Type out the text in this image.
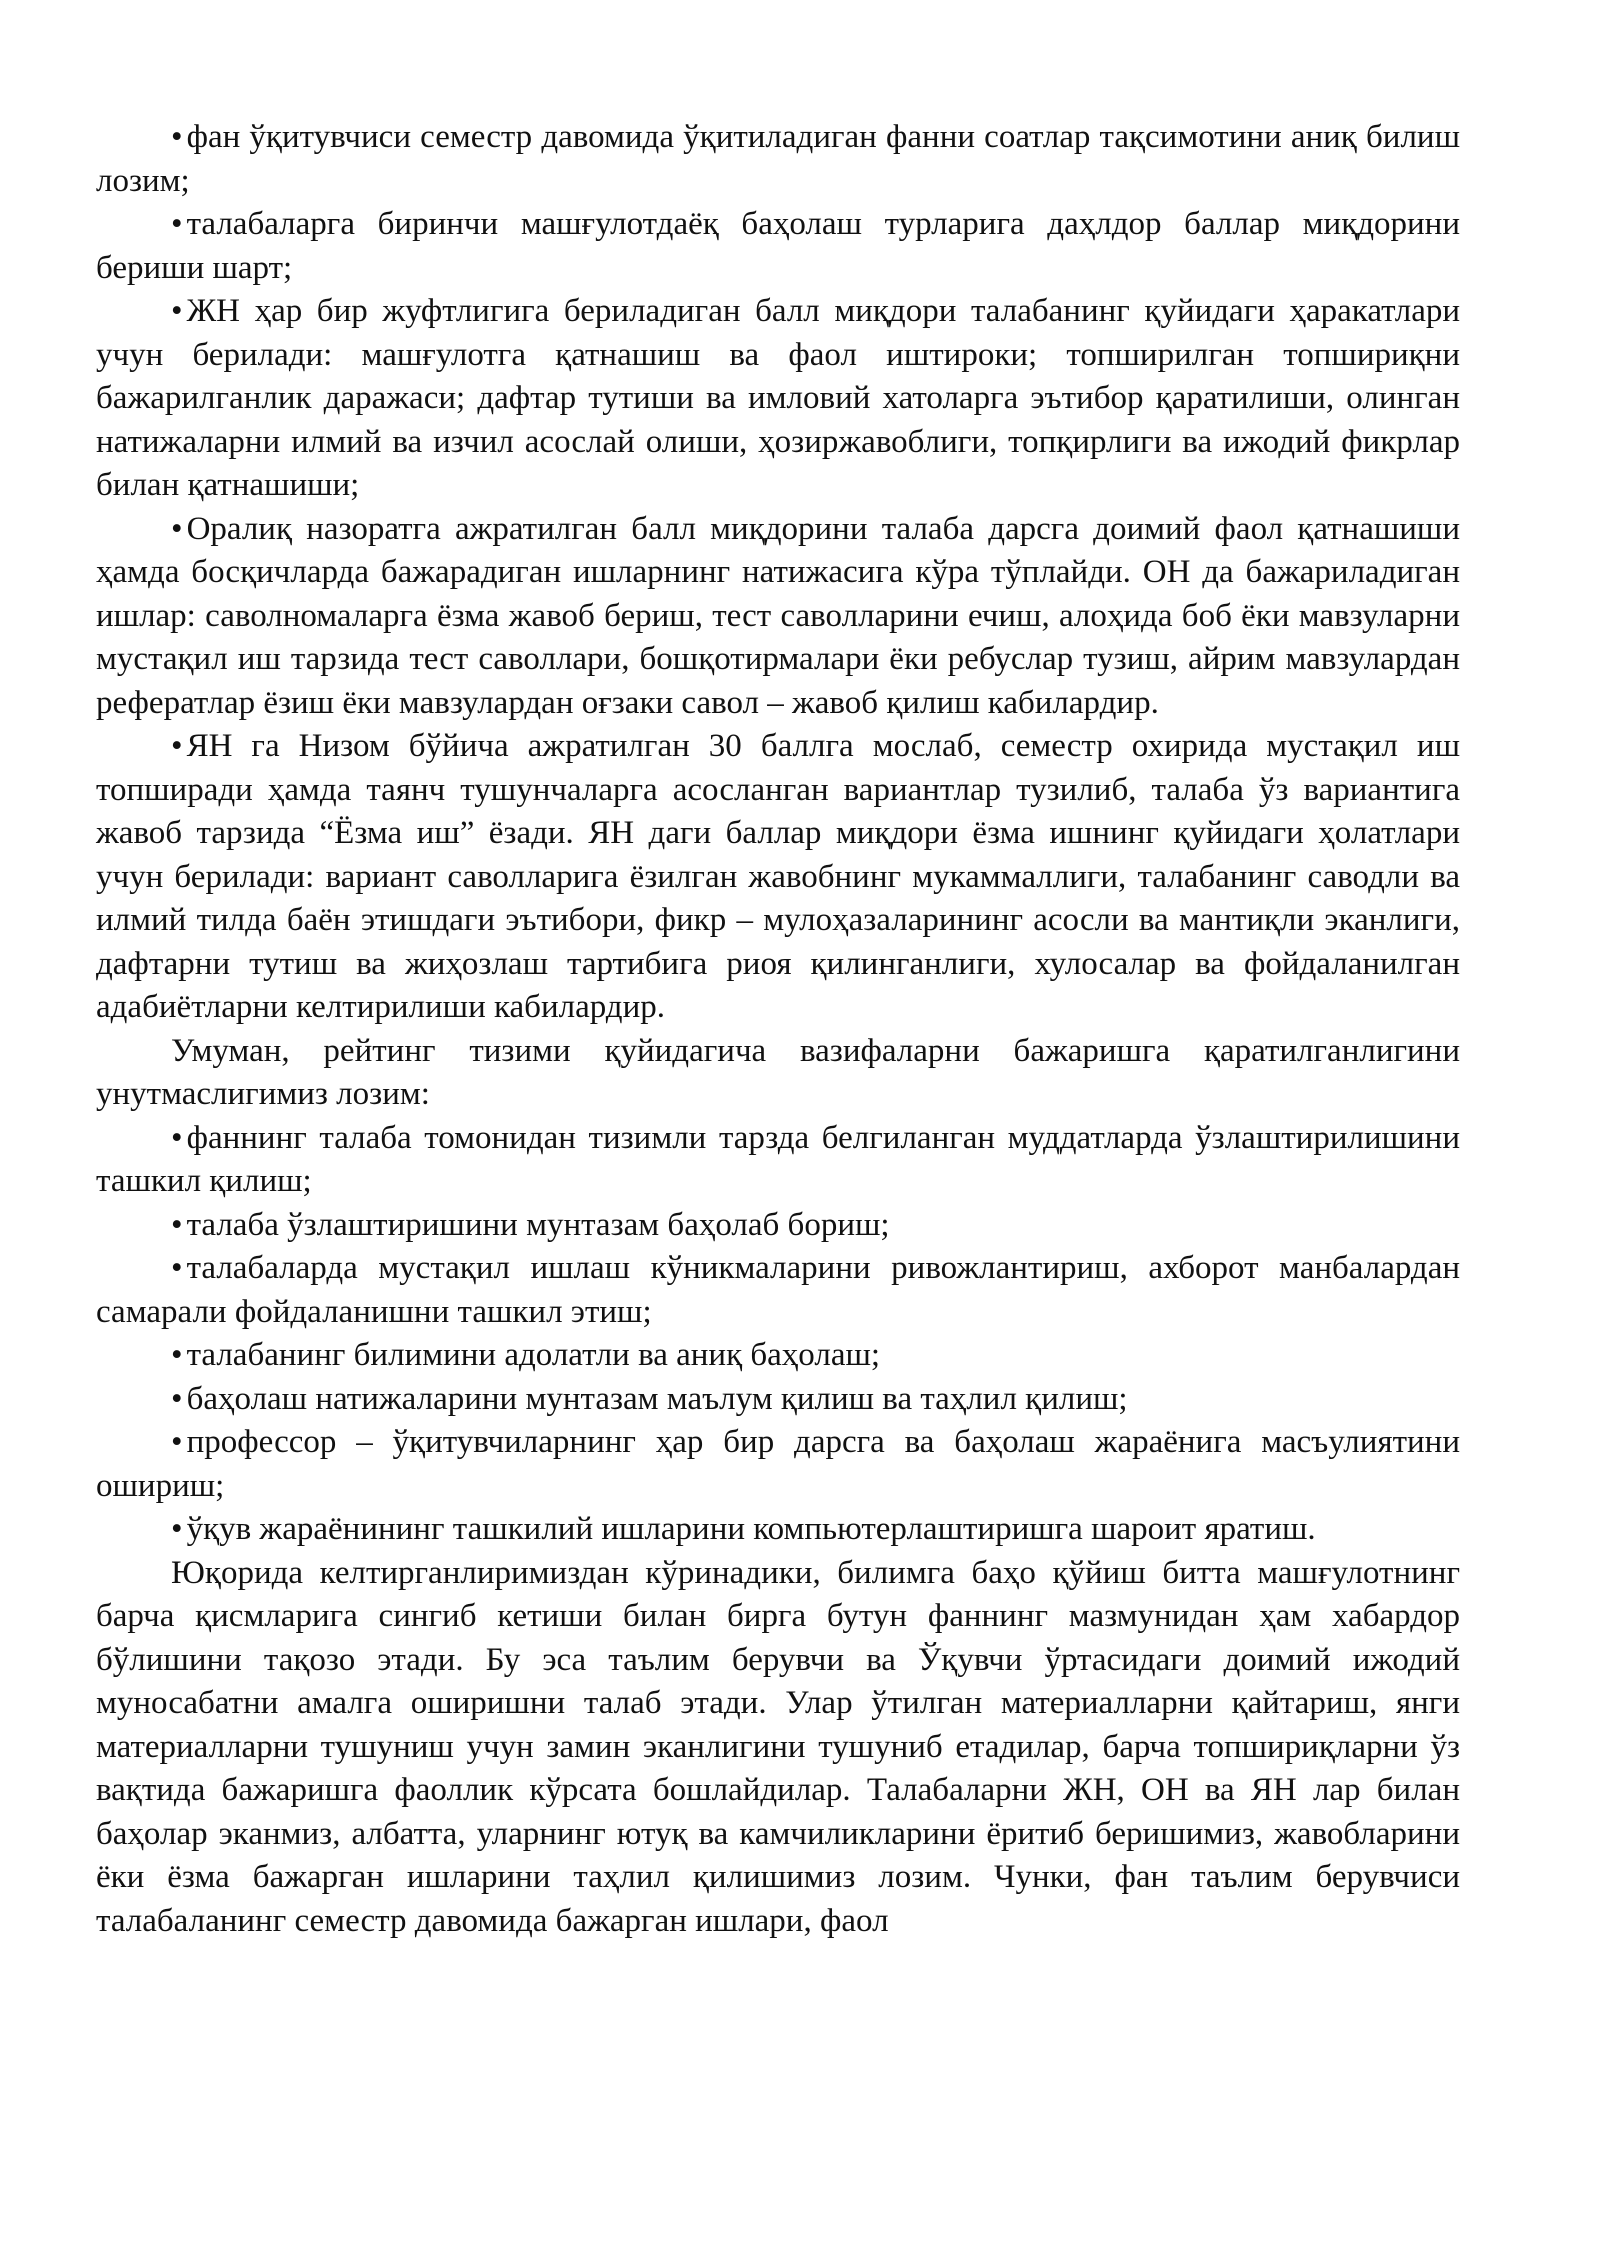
• фан ўқитувчиси семестр давомида ўқитиладиган фанни соатлар тақсимотини аниқ билиш лозим;

• талабаларга биринчи машғулотдаёқ баҳолаш турларига даҳлдор баллар миқдорини бериши шарт;

• ЖН ҳар бир жуфтлигига бериладиган балл миқдори талабанинг қуйидаги ҳаракатлари учун берилади: машғулотга қатнашиш ва фаол иштироки; топширилган топшириқни бажарилганлик даражаси; дафтар тутиши ва имловий хатоларга эътибор қаратилиши, олинган натижаларни илмий ва изчил асослай олиши, ҳозиржавоблиги, топқирлиги ва ижодий фикрлар билан қатнашиши;

• Оралиқ назоратга ажратилган балл миқдорини талаба дарсга доимий фаол қатнашиши ҳамда босқичларда бажарадиган ишларнинг натижасига кўра тўплайди. ОН да бажариладиган ишлар: саволномаларга ёзма жавоб бериш, тест саволларини ечиш, алоҳида боб ёки мавзуларни мустақил иш тарзида тест саволлари, бошқотирмалари ёки ребуслар тузиш, айрим мавзулардан рефератлар ёзиш ёки мавзулардан оғзаки савол – жавоб қилиш кабилардир.

• ЯН га Низом бўйича ажратилган 30 баллга мослаб, семестр охирида мустақил иш топширади ҳамда таянч тушунчаларга асосланган вариантлар тузилиб, талаба ўз вариантига жавоб тарзида “Ёзма иш” ёзади. ЯН даги баллар миқдори ёзма ишнинг қуйидаги ҳолатлари учун берилади: вариант саволларига ёзилган жавобнинг мукаммаллиги, талабанинг саводли ва илмий тилда баён этишдаги эътибори, фикр – мулоҳазаларининг асосли ва мантиқли эканлиги, дафтарни тутиш ва жиҳозлаш тартибига риоя қилинганлиги, хулосалар ва фойдаланилган адабиётларни келтирилиши кабилардир.

Умуман, рейтинг тизими қуйидагича вазифаларни бажаришга қаратилганлигини унутмаслигимиз лозим:

• фаннинг талаба томонидан тизимли тарзда белгиланган муддатларда ўзлаштирилишини ташкил қилиш;

• талаба ўзлаштиришини мунтазам баҳолаб бориш;

• талабаларда мустақил ишлаш кўникмаларини ривожлантириш, ахборот манбалардан самарали фойдаланишни ташкил этиш;

• талабанинг билимини адолатли ва аниқ баҳолаш;

• баҳолаш натижаларини мунтазам маълум қилиш ва таҳлил қилиш;

• профессор – ўқитувчиларнинг ҳар бир дарсга ва баҳолаш жараёнига масъулиятини ошириш;

• ўқув жараёнининг ташкилий ишларини компьютерлаштиришга шароит яратиш.

Юқорида келтирганлиримиздан кўринадики, билимга баҳо қўйиш битта машғулотнинг барча қисмларига сингиб кетиши билан бирга бутун фаннинг мазмунидан ҳам хабардор бўлишини тақозо этади. Бу эса таълим берувчи ва Ўқувчи ўртасидаги доимий ижодий муносабатни амалга оширишни талаб этади. Улар ўтилган материалларни қайтариш, янги материалларни тушуниш учун замин эканлигини тушуниб етадилар, барча топшириқларни ўз вақтида бажаришга фаоллик кўрсата бошлайдилар. Талабаларни ЖН, ОН ва ЯН лар билан баҳолар эканмиз, албатта, уларнинг ютуқ ва камчиликларини ёритиб беришимиз, жавобларини ёки ёзма бажарган ишларини таҳлил қилишимиз лозим. Чунки, фан таълим берувчиси талабаланинг семестр давомида бажарган ишлари, фаол
